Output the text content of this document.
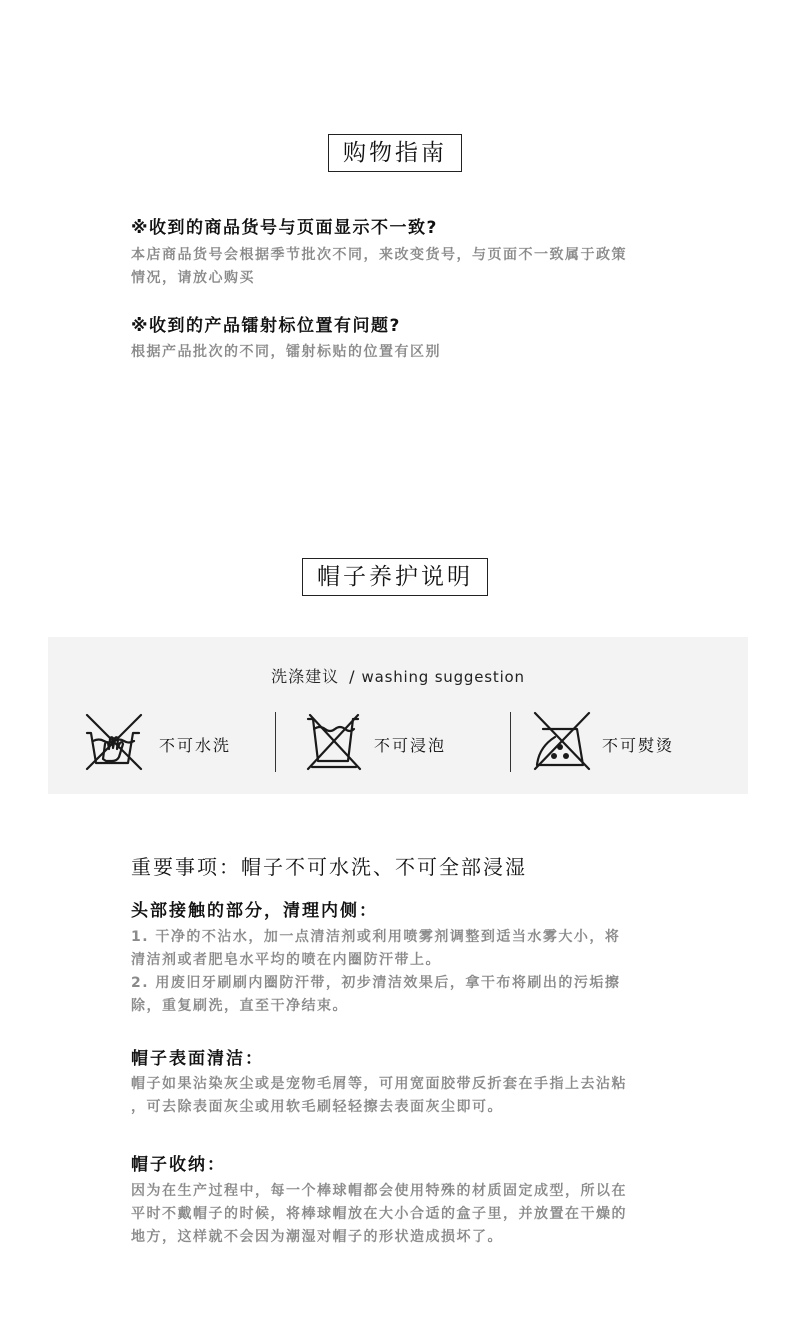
购物指南
※收到的商品货号与页面显示不一致?

本店商品货号会根据季节批次不同，来改变货号，与页面不一致属于政策

情况，请放心购买

※收到的产品镭射标位置有问题?

根据产品批次的不同，镭射标贴的位置有区别

帽子养护说明
洗涤建议 / washing suggestion
不可水洗	不可浸泡	不可熨烫
重要事项：帽子不可水洗、不可全部浸湿
头部接触的部分，清理内侧：

1. 干净的不沾水，加一点清洁剂或利用喷雾剂调整到适当水雾大小，将

清洁剂或者肥皂水平均的喷在内圈防汗带上。

2. 用废旧牙刷刷内圈防汗带，初步清洁效果后，拿干布将刷出的污垢擦

除，重复刷洗，直至干净结束。

帽子表面清洁：

帽子如果沾染灰尘或是宠物毛屑等，可用宽面胶带反折套在手指上去沾粘

，可去除表面灰尘或用软毛刷轻轻擦去表面灰尘即可。

帽子收纳：

因为在生产过程中，每一个棒球帽都会使用特殊的材质固定成型，所以在

平时不戴帽子的时候，将棒球帽放在大小合适的盒子里，并放置在干燥的

地方，这样就不会因为潮湿对帽子的形状造成损坏了。
